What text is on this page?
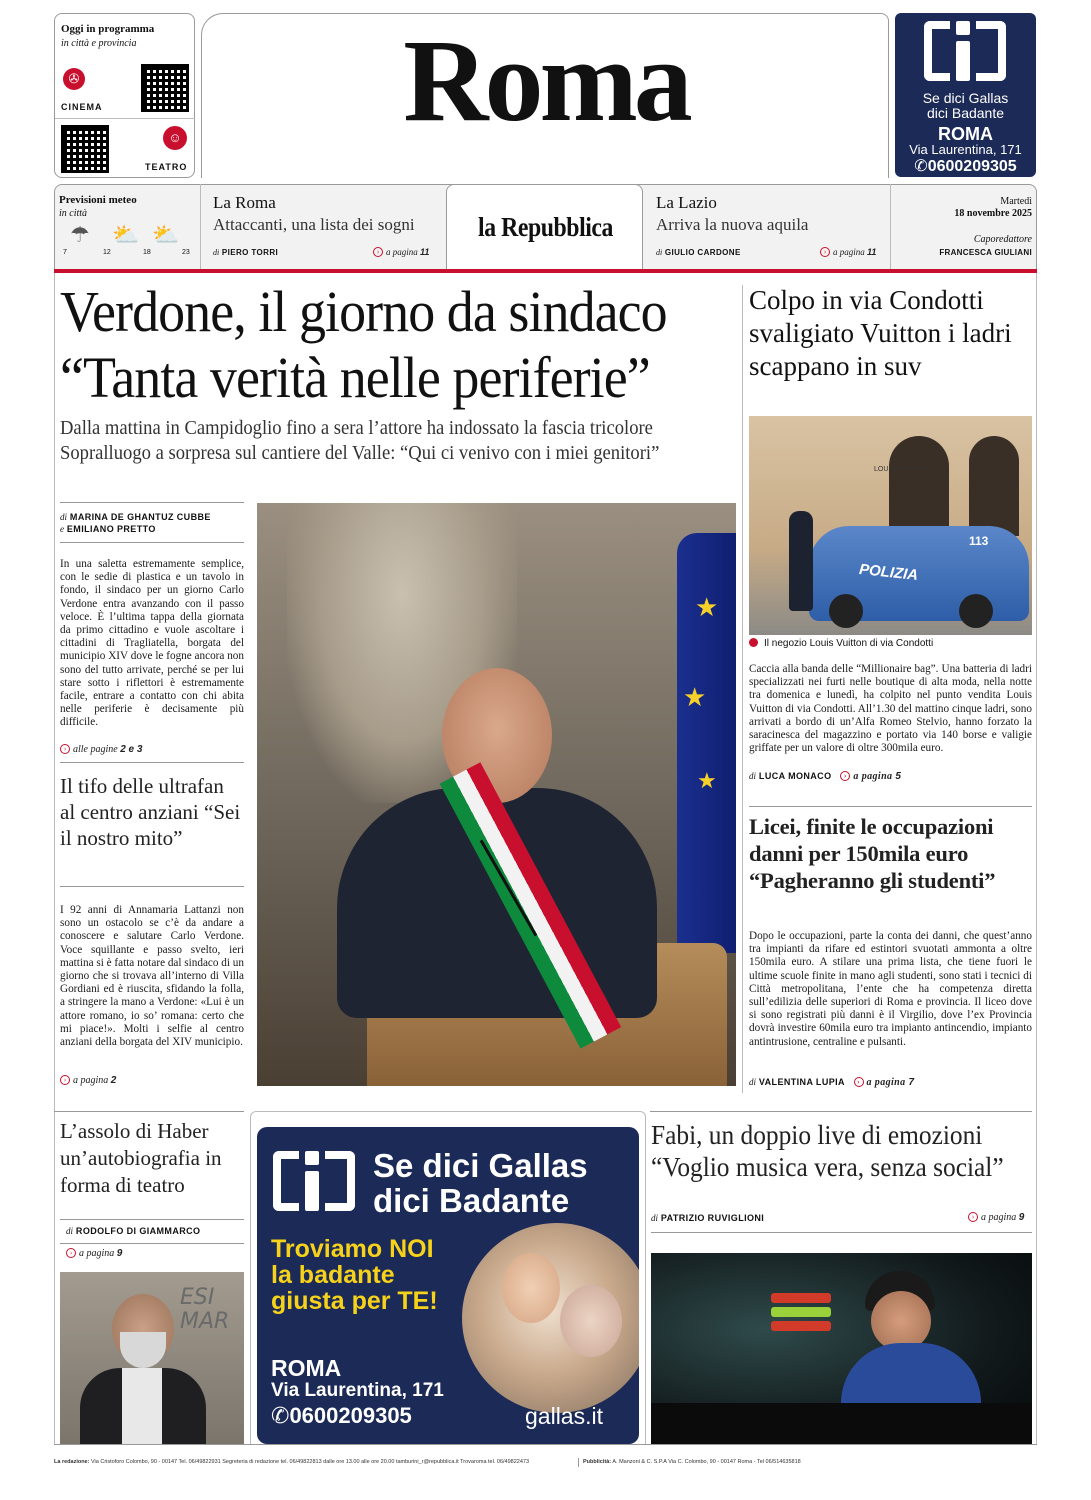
Oggi in programma
in città e provincia
✇
CINEMA
☺
TEATRO
Roma	Se dici Gallas
dici Badante
ROMA
Via Laurentina, 171
✆0600209305
Previsioni meteo
in città
☂ ⛅ ⛅
7	12	18	23
La Roma
Attaccanti, una lista dei sogni
di PIERO TORRI	› a pagina 11
la Repubblica
La Lazio
Arriva la nuova aquila
di GIULIO CARDONE	› a pagina 11
Martedì
18 novembre 2025
Caporedattore
FRANCESCA GIULIANI
Verdone, il giorno da sindaco
“Tanta verità nelle periferie”
Dalla mattina in Campidoglio fino a sera l’attore ha indossato la fascia tricolore
Sopralluogo a sorpresa sul cantiere del Valle: “Qui ci venivo con i miei genitori”
di MARINA DE GHANTUZ CUBBE
e EMILIANO PRETTO
In una saletta estremamente semplice, con le sedie di plastica e un tavolo in fondo, il sindaco per un giorno Carlo Verdone entra avanzando con il passo veloce. È l’ultima tappa della giornata da primo cittadino e vuole ascoltare i cittadini di Tragliatella, borgata del municipio XIV dove le fogne ancora non sono del tutto arrivate, perché se per lui stare sotto i riflettori è estremamente facile, entrare a contatto con chi abita nelle periferie è decisamente più difficile.
› alle pagine 2 e 3
Il tifo delle ultrafan al centro anziani “Sei il nostro mito”
I 92 anni di Annamaria Lattanzi non sono un ostacolo se c’è da andare a conoscere e salutare Carlo Verdone. Voce squillante e passo svelto, ieri mattina si è fatta notare dal sindaco di un giorno che si trovava all’interno di Villa Gordiani ed è riuscita, sfidando la folla, a stringere la mano a Verdone: «Lui è un attore romano, io so’ romana: certo che mi piace!». Molti i selfie al centro anziani della borgata del XIV municipio.
› a pagina 2
★
★
★
Colpo in via Condotti svaligiato Vuitton i ladri scappano in suv
LOUIS VUITTON
POLIZIA
113
Il negozio Louis Vuitton di via Condotti
Caccia alla banda delle “Millionaire bag”. Una batteria di ladri specializzati nei furti nelle boutique di alta moda, nella notte tra domenica e lunedì, ha colpito nel punto vendita Louis Vuitton di via Condotti. All’1.30 del mattino cinque ladri, sono arrivati a bordo di un’Alfa Romeo Stelvio, hanno forzato la saracinesca del magazzino e portato via 140 borse e valigie griffate per un valore di oltre 300mila euro.
di LUCA MONACO › a pagina 5
Licei, finite le occupazioni danni per 150mila euro “Pagheranno gli studenti”
Dopo le occupazioni, parte la conta dei danni, che quest’anno tra impianti da rifare ed estintori svuotati ammonta a oltre 150mila euro. A stilare una prima lista, che tiene fuori le ultime scuole finite in mano agli studenti, sono stati i tecnici di Città metropolitana, l’ente che ha competenza diretta sull’edilizia delle superiori di Roma e provincia. Il liceo dove si sono registrati più danni è il Virgilio, dove l’ex Provincia dovrà investire 60mila euro tra impianto antincendio, impianto antintrusione, centraline e pulsanti.
di VALENTINA LUPIA › a pagina 7
L’assolo di Haber un’autobiografia in forma di teatro
di RODOLFO DI GIAMMARCO
› a pagina 9
ESI MAR
Se dici Gallas
dici Badante
Troviamo NOI
la badante
giusta per TE!
ROMA
Via Laurentina, 171
✆0600209305	gallas.it
Fabi, un doppio live di emozioni
“Voglio musica vera, senza social”
di PATRIZIO RUVIGLIONI	› a pagina 9
La redazione: Via Cristoforo Colombo, 90 - 00147 Tel. 06/49822931 Segreteria di redazione tel. 06/49822813 dalle ore 13.00 alle ore 20.00 tamburini_r@repubblica.it Trovaroma tel. 06/49822473	Pubblicità: A. Manzoni & C. S.P.A Via C. Colombo, 90 - 00147 Roma - Tel 06/514635818
